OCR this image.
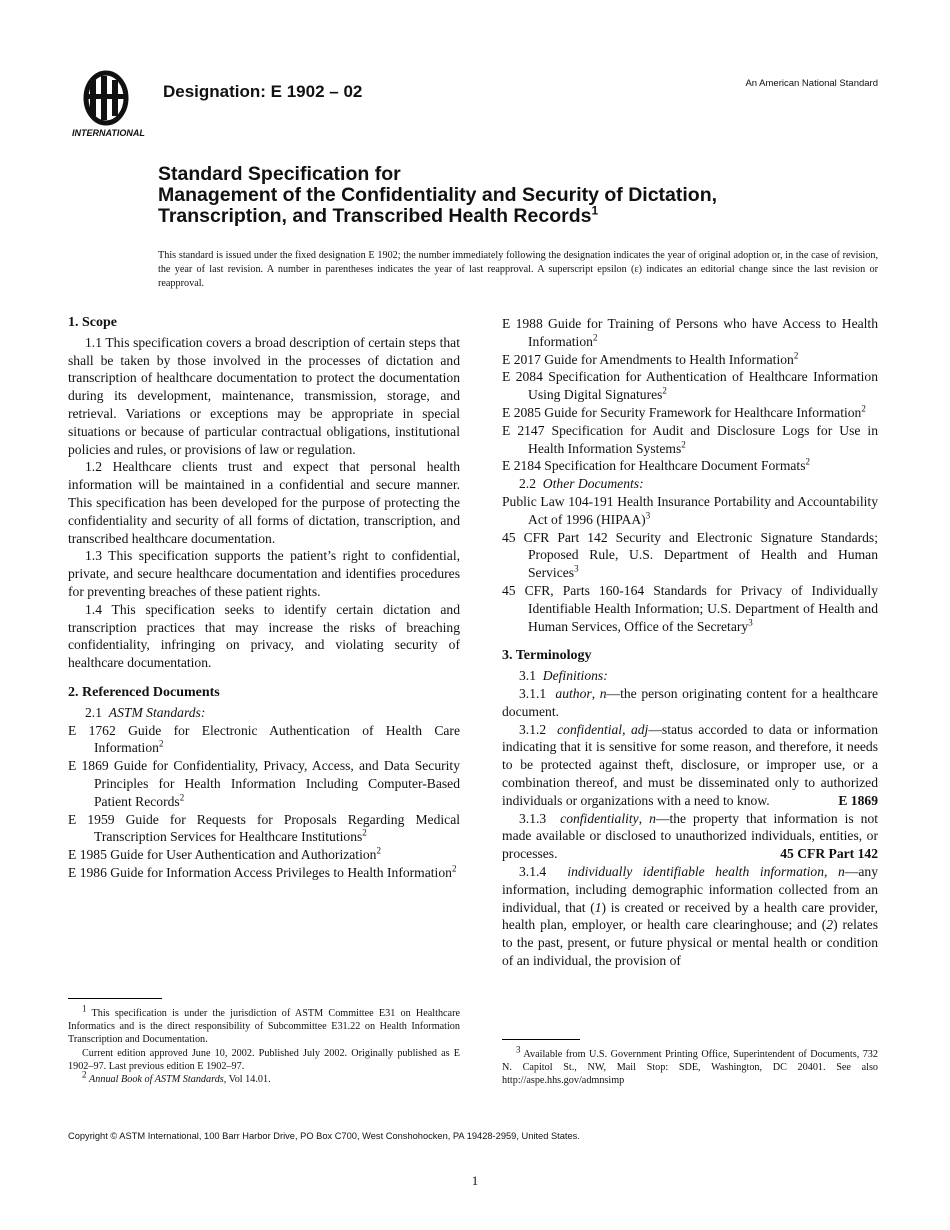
INTERNATIONAL
Designation: E 1902 – 02	An American National Standard
Standard Specification for
Management of the Confidentiality and Security of Dictation,
Transcription, and Transcribed Health Records$^1$
This standard is issued under the fixed designation E 1902; the number immediately following the designation indicates the year of original adoption or, in the case of revision, the year of last revision. A number in parentheses indicates the year of last reapproval. A superscript epsilon (ε) indicates an editorial change since the last revision or reapproval.
1. Scope

1.1 This specification covers a broad description of certain steps that shall be taken by those involved in the processes of dictation and transcription of healthcare documentation to protect the documentation during its development, maintenance, transmission, storage, and retrieval. Variations or exceptions may be appropriate in special situations or because of particular contractual obligations, institutional policies and rules, or provisions of law or regulation.

1.2 Healthcare clients trust and expect that personal health information will be maintained in a confidential and secure manner. This specification has been developed for the purpose of protecting the confidentiality and security of all forms of dictation, transcription, and transcribed healthcare documentation.

1.3 This specification supports the patient’s right to confidential, private, and secure healthcare documentation and identifies procedures for preventing breaches of these patient rights.

1.4 This specification seeks to identify certain dictation and transcription practices that may increase the risks of breaching confidentiality, infringing on privacy, and violating security of healthcare documentation.

2. Referenced Documents
2.1 ASTM Standards:
E 1762 Guide for Electronic Authentication of Health Care Information$^2$
E 1869 Guide for Confidentiality, Privacy, Access, and Data Security Principles for Health Information Including Computer-Based Patient Records$^2$
E 1959 Guide for Requests for Proposals Regarding Medical Transcription Services for Healthcare Institutions$^2$
E 1985 Guide for User Authentication and Authorization$^2$
E 1986 Guide for Information Access Privileges to Health Information$^2$
E 1988 Guide for Training of Persons who have Access to Health Information$^2$
E 2017 Guide for Amendments to Health Information$^2$
E 2084 Specification for Authentication of Healthcare Information Using Digital Signatures$^2$
E 2085 Guide for Security Framework for Healthcare Information$^2$
E 2147 Specification for Audit and Disclosure Logs for Use in Health Information Systems$^2$
E 2184 Specification for Healthcare Document Formats$^2$
2.2 Other Documents:
Public Law 104-191 Health Insurance Portability and Accountability Act of 1996 (HIPAA)$^3$
45 CFR Part 142 Security and Electronic Signature Standards; Proposed Rule, U.S. Department of Health and Human Services$^3$
45 CFR, Parts 160-164 Standards for Privacy of Individually Identifiable Health Information; U.S. Department of Health and Human Services, Office of the Secretary$^3$
3. Terminology
3.1 Definitions:

3.1.1 author, n—the person originating content for a healthcare document.

3.1.2 confidential, adj—status accorded to data or information indicating that it is sensitive for some reason, and therefore, it needs to be protected against theft, disclosure, or improper use, or a combination thereof, and must be disseminated only to authorized individuals or organizations with a need to know.	E 1869

3.1.3 confidentiality, n—the property that information is not made available or disclosed to unauthorized individuals, entities, or processes.	45 CFR Part 142

3.1.4 individually identifiable health information, n—any information, including demographic information collected from an individual, that (1) is created or received by a health care provider, health plan, employer, or health care clearinghouse; and (2) relates to the past, present, or future physical or mental health or condition of an individual, the provision of

$^1$ This specification is under the jurisdiction of ASTM Committee E31 on Healthcare Informatics and is the direct responsibility of Subcommittee E31.22 on Health Information Transcription and Documentation.

Current edition approved June 10, 2002. Published July 2002. Originally published as E 1902–97. Last previous edition E 1902–97.

$^2$ Annual Book of ASTM Standards, Vol 14.01.

$^3$ Available from U.S. Government Printing Office, Superintendent of Documents, 732 N. Capitol St., NW, Mail Stop: SDE, Washington, DC 20401. See also http://aspe.hhs.gov/admnsimp

Copyright © ASTM International, 100 Barr Harbor Drive, PO Box C700, West Conshohocken, PA 19428-2959, United States.
1
